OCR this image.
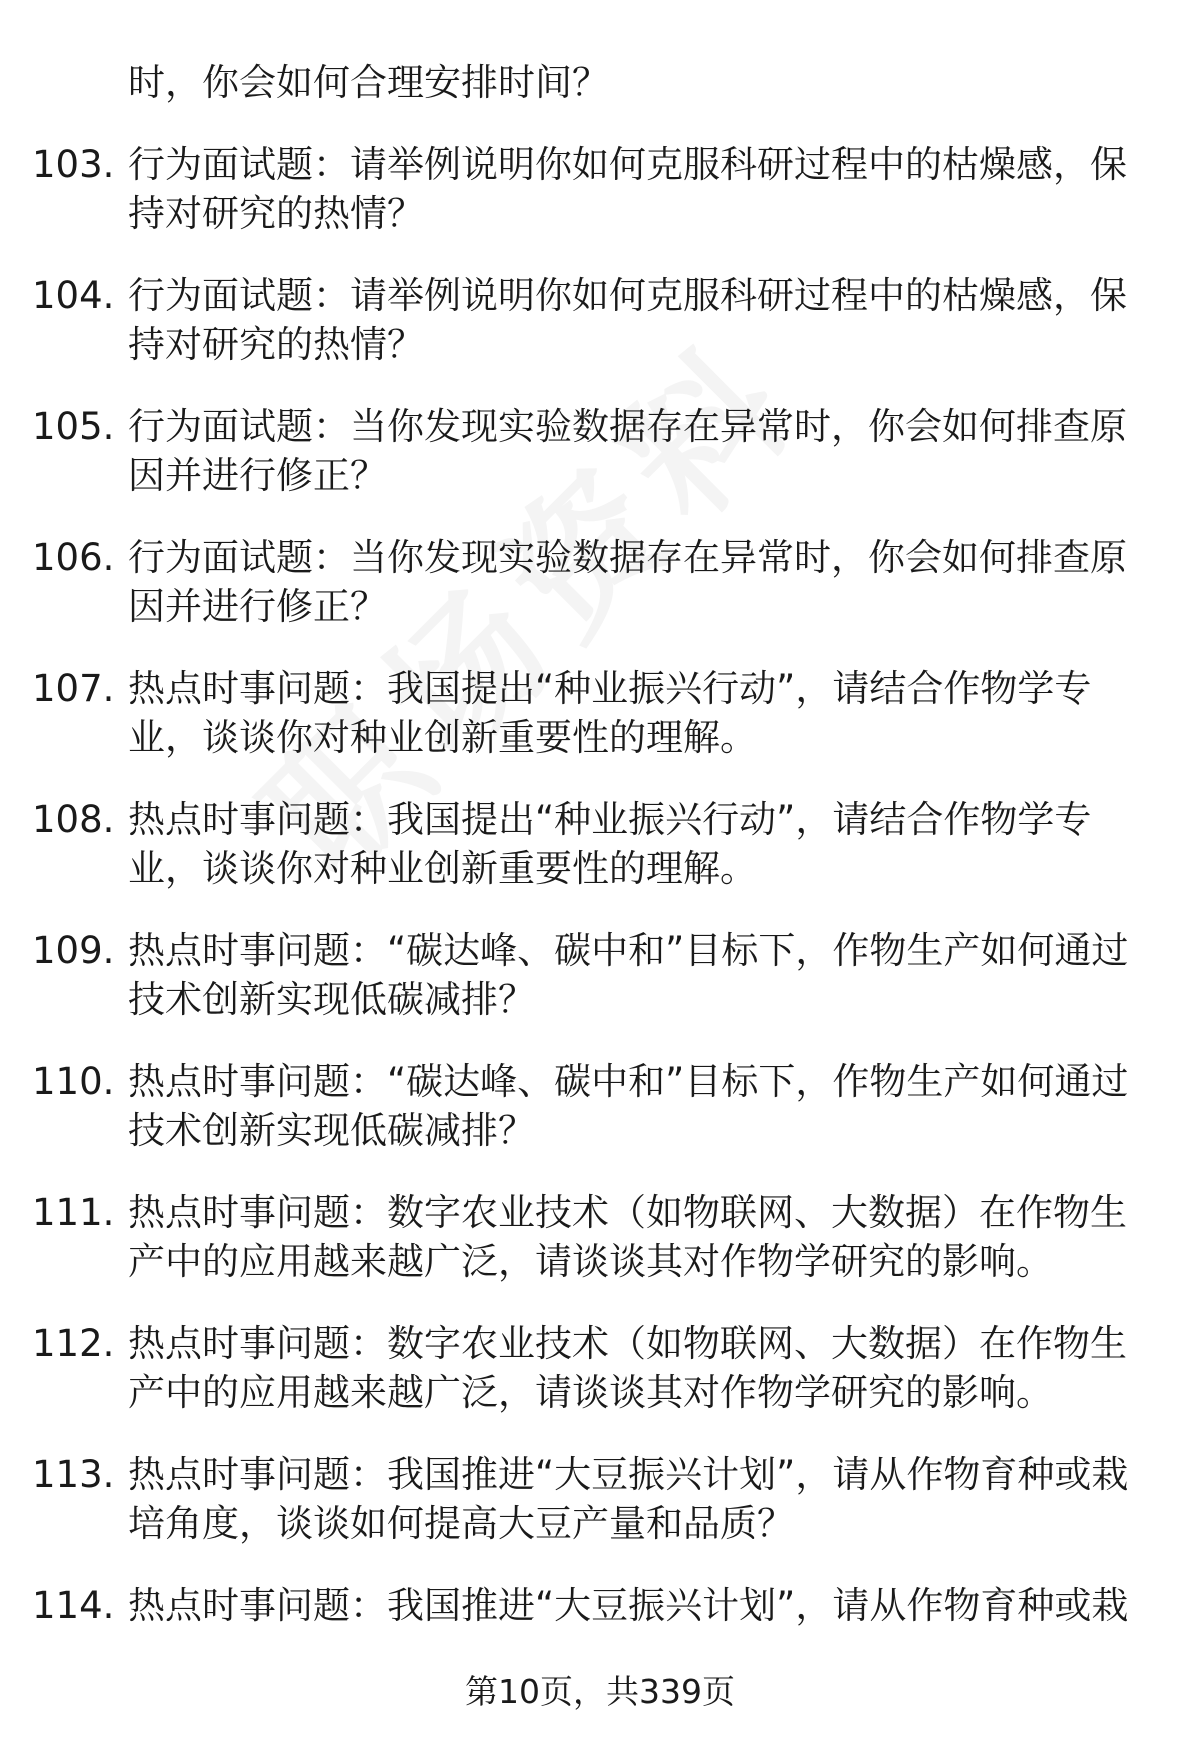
时，你会如何合理安排时间？
103. 行为面试题：请举例说明你如何克服科研过程中的枯燥感，保持对研究的热情？
104. 行为面试题：请举例说明你如何克服科研过程中的枯燥感，保持对研究的热情？
105. 行为面试题：当你发现实验数据存在异常时，你会如何排查原因并进行修正？
106. 行为面试题：当你发现实验数据存在异常时，你会如何排查原因并进行修正？
107. 热点时事问题：我国提出“种业振兴行动”，请结合作物学专业，谈谈你对种业创新重要性的理解。
108. 热点时事问题：我国提出“种业振兴行动”，请结合作物学专业，谈谈你对种业创新重要性的理解。
109. 热点时事问题：“碳达峰、碳中和”目标下，作物生产如何通过技术创新实现低碳减排？
110. 热点时事问题：“碳达峰、碳中和”目标下，作物生产如何通过技术创新实现低碳减排？
111. 热点时事问题：数字农业技术（如物联网、大数据）在作物生产中的应用越来越广泛，请谈谈其对作物学研究的影响。
112. 热点时事问题：数字农业技术（如物联网、大数据）在作物生产中的应用越来越广泛，请谈谈其对作物学研究的影响。
113. 热点时事问题：我国推进“大豆振兴计划”，请从作物育种或栽培角度，谈谈如何提高大豆产量和品质？
114. 热点时事问题：我国推进“大豆振兴计划”，请从作物育种或栽
第10页，共339页
